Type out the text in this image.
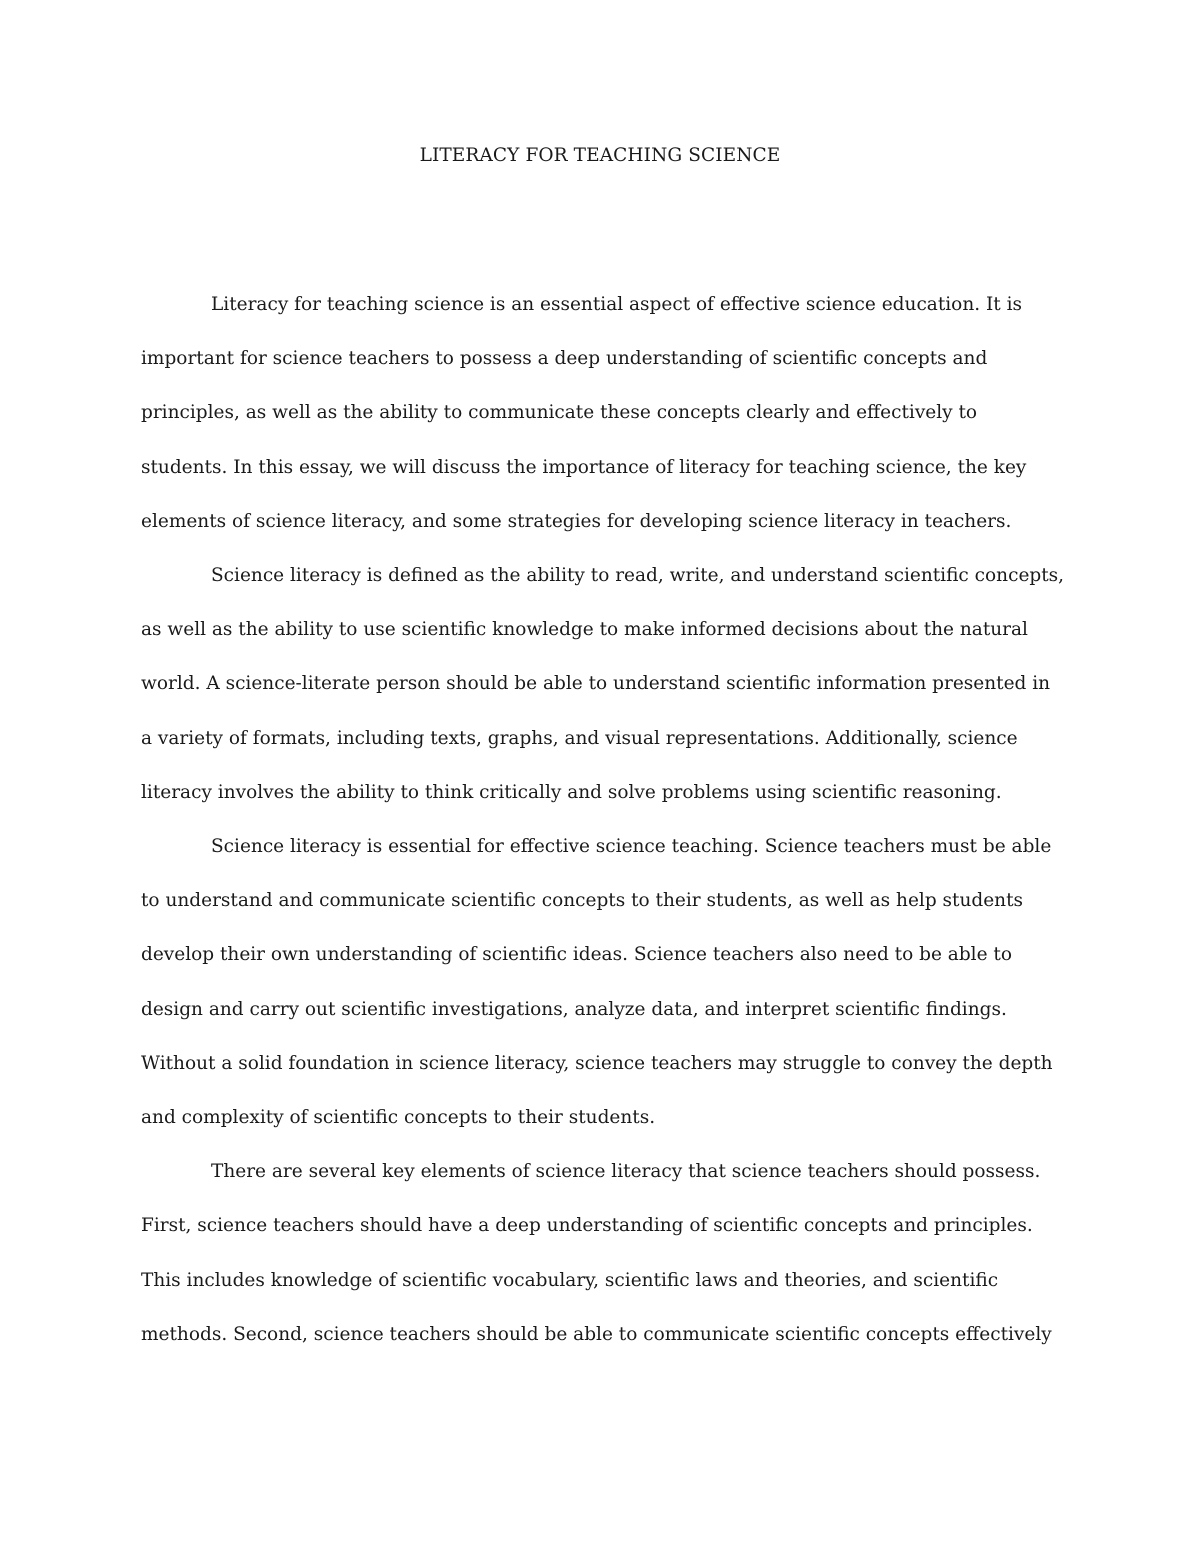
LITERACY FOR TEACHING SCIENCE

Literacy for teaching science is an essential aspect of effective science education. It is
important for science teachers to possess a deep understanding of scientific concepts and
principles, as well as the ability to communicate these concepts clearly and effectively to
students. In this essay, we will discuss the importance of literacy for teaching science, the key
elements of science literacy, and some strategies for developing science literacy in teachers.

Science literacy is defined as the ability to read, write, and understand scientific concepts,
as well as the ability to use scientific knowledge to make informed decisions about the natural
world. A science-literate person should be able to understand scientific information presented in
a variety of formats, including texts, graphs, and visual representations. Additionally, science
literacy involves the ability to think critically and solve problems using scientific reasoning.

Science literacy is essential for effective science teaching. Science teachers must be able
to understand and communicate scientific concepts to their students, as well as help students
develop their own understanding of scientific ideas. Science teachers also need to be able to
design and carry out scientific investigations, analyze data, and interpret scientific findings.
Without a solid foundation in science literacy, science teachers may struggle to convey the depth
and complexity of scientific concepts to their students.

There are several key elements of science literacy that science teachers should possess.
First, science teachers should have a deep understanding of scientific concepts and principles.
This includes knowledge of scientific vocabulary, scientific laws and theories, and scientific
methods. Second, science teachers should be able to communicate scientific concepts effectively
